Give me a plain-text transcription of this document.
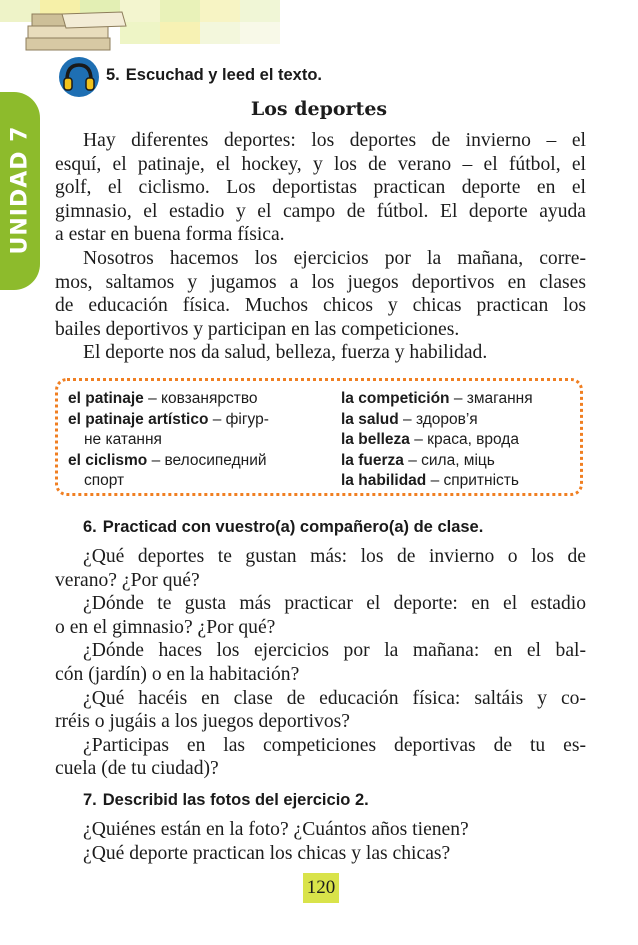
UNIDAD 7
5. Escuchad y leed el texto.
Los deportes
Hay diferentes deportes: los deportes de invierno – el
esquí, el patinaje, el hockey, y los de verano – el fútbol, el
golf, el ciclismo. Los deportistas practican deporte en el
gimnasio, el estadio y el campo de fútbol. El deporte ayuda
a estar en buena forma física.
Nosotros hacemos los ejercicios por la mañana, corre-
mos, saltamos y jugamos a los juegos deportivos en clases
de educación física. Muchos chicos y chicas practican los
bailes deportivos y participan en las competiciones.
El deporte nos da salud, belleza, fuerza y habilidad.
el patinaje – ковзанярство
el patinaje artístico – фігур-
не катання
el ciclismo – велосипедний
спорт
la competición – змагання
la salud – здоров’я
la belleza – краса, врода
la fuerza – сила, міць
la habilidad – спритність
6. Practicad con vuestro(a) compañero(a) de clase.
¿Qué deportes te gustan más: los de invierno o los de
verano? ¿Por qué?
¿Dónde te gusta más practicar el deporte: en el estadio
o en el gimnasio? ¿Por qué?
¿Dónde haces los ejercicios por la mañana: en el bal-
cón (jardín) o en la habitación?
¿Qué hacéis en clase de educación física: saltáis y co-
rréis o jugáis a los juegos deportivos?
¿Participas en las competiciones deportivas de tu es-
cuela (de tu ciudad)?
7. Describid las fotos del ejercicio 2.
¿Quiénes están en la foto? ¿Cuántos años tienen?
¿Qué deporte practican los chicas y las chicas?
120
